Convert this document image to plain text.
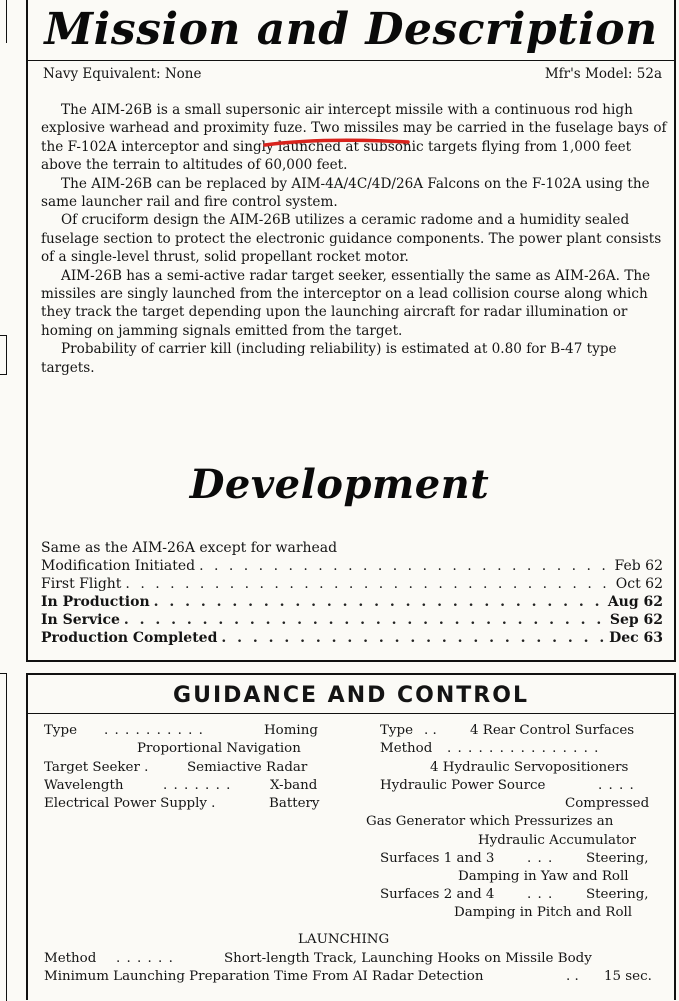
Mission and Description
Navy Equivalent: None	Mfr's Model: 52a

The AIM-26B is a small supersonic air intercept missile with a continuous rod high explosive warhead and proximity fuze. Two missiles may be carried in the fuselage bays of the F-102A interceptor and singly launched at subsonic targets flying from 1,000 feet above the terrain to altitudes of 60,000 feet.

The AIM-26B can be replaced by AIM-4A/4C/4D/26A Falcons on the F-102A using the same launcher rail and fire control system.

Of cruciform design the AIM-26B utilizes a ceramic radome and a humidity sealed fuselage section to protect the electronic guidance components. The power plant consists of a single-level thrust, solid propellant rocket motor.

AIM-26B has a semi-active radar target seeker, essentially the same as AIM-26A. The missiles are singly launched from the interceptor on a lead collision course along which they track the target depending upon the launching aircraft for radar illumination or homing on jamming signals emitted from the target.

Probability of carrier kill (including reliability) is estimated at 0.80 for B-47 type targets.

Development
Same as the AIM-26A except for warhead
Modification Initiated . . .	Feb 62
First Flight . . .	Oct 62
In Production . . .	Aug 62
In Service . . .	Sep 62
Production Completed . . .	Dec 63
GUIDANCE AND CONTROL
Type . . . . . . . . . .	Homing
Proportional Navigation
Target Seeker .	Semiactive Radar
Wavelength	. . . . . . .	X-band
Electrical Power Supply .	Battery
Type . . 4 Rear Control Surfaces
Method . . . . . . . . . . . . . . .
4 Hydraulic Servopositioners
Hydraulic Power Source	. . . .
Compressed
Gas Generator which Pressurizes an
Hydraulic Accumulator
Surfaces 1 and 3 . . . Steering,
Damping in Yaw and Roll
Surfaces 2 and 4 . . . Steering,
Damping in Pitch and Roll
LAUNCHING
Method . . . . . .	Short-length Track, Launching Hooks on Missile Body
Minimum Launching Preparation Time From AI Radar Detection	. . 15 sec.
